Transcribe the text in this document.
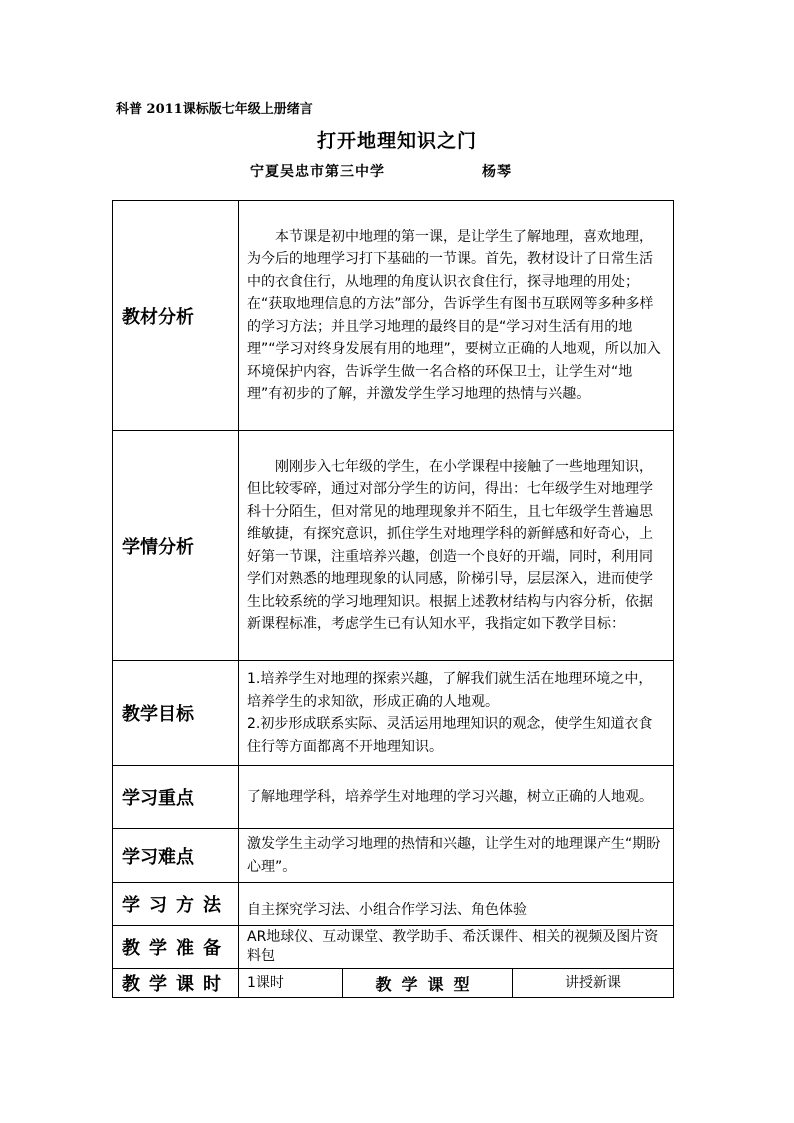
科普 2011课标版七年级上册绪言
打开地理知识之门
宁夏吴忠市第三中学	杨琴
教材分析	本节课是初中地理的第一课，是让学生了解地理，喜欢地理，为今后的地理学习打下基础的一节课。首先，教材设计了日常生活中的衣食住行，从地理的角度认识衣食住行，探寻地理的用处；在“获取地理信息的方法”部分，告诉学生有图书互联网等多种多样的学习方法；并且学习地理的最终目的是“学习对生活有用的地理”“学习对终身发展有用的地理”，要树立正确的人地观，所以加入环境保护内容，告诉学生做一名合格的环保卫士，让学生对“地理”有初步的了解，并激发学生学习地理的热情与兴趣。		

学情分析	刚刚步入七年级的学生，在小学课程中接触了一些地理知识，但比较零碎，通过对部分学生的访问，得出：七年级学生对地理学科十分陌生，但对常见的地理现象并不陌生，且七年级学生普遍思维敏捷，有探究意识，抓住学生对地理学科的新鲜感和好奇心，上好第一节课，注重培养兴趣，创造一个良好的开端，同时，利用同学们对熟悉的地理现象的认同感，阶梯引导，层层深入，进而使学生比较系统的学习地理知识。根据上述教材结构与内容分析，依据新课程标准，考虑学生已有认知水平，我指定如下教学目标：		

教学目标	1.培养学生对地理的探索兴趣，了解我们就生活在地理环境之中，培养学生的求知欲，形成正确的人地观。

2.初步形成联系实际、灵活运用地理知识的观念，使学生知道衣食住行等方面都离不开地理知识。		

学习重点	了解地理学科，培养学生对地理的学习兴趣，树立正确的人地观。		

学习难点	激发学生主动学习地理的热情和兴趣，让学生对的地理课产生“期盼心理”。		

学习方法	自主探究学习法、小组合作学习法、角色体验		

教学准备	AR地球仪、互动课堂、教学助手、希沃课件、相关的视频及图片资料包		

教学课时	1课时	教学课型	讲授新课
